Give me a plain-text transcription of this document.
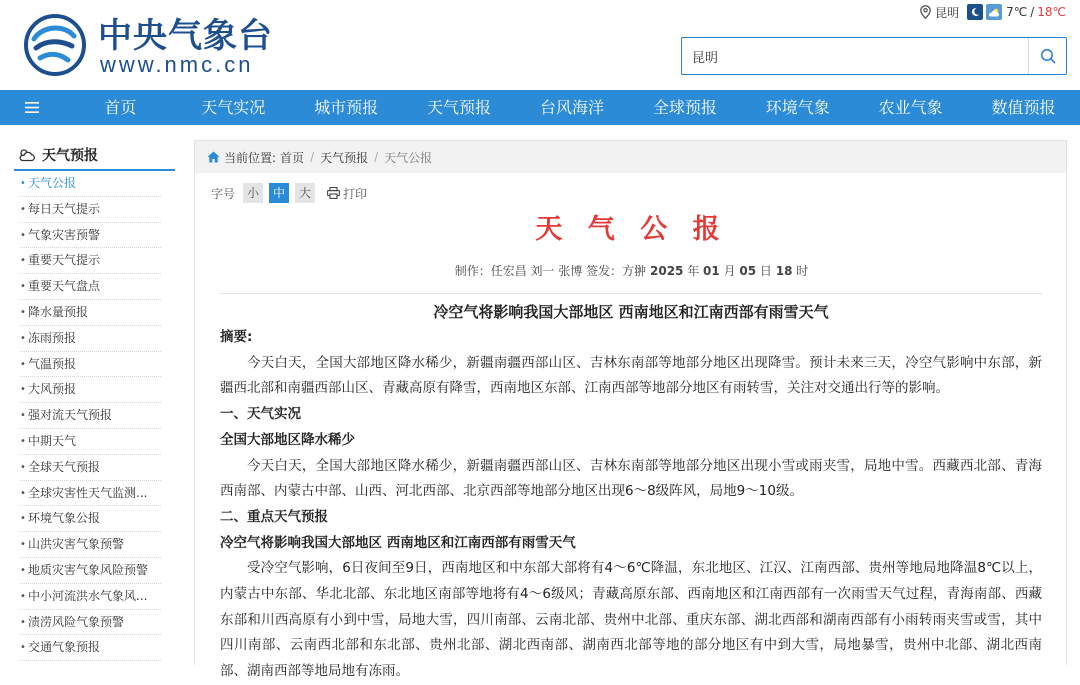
中央气象台
www.nmc.cn
昆明	7℃ / 18℃
昆明
首页	天气实况	城市预报	天气预报	台风海洋	全球预报	环境气象	农业气象	数值预报
天气预报
• 天气公报
• 每日天气提示
• 气象灾害预警
• 重要天气提示
• 重要天气盘点
• 降水量预报
• 冻雨预报
• 气温预报
• 大风预报
• 强对流天气预报
• 中期天气
• 全球天气预报
• 全球灾害性天气监测...
• 环境气象公报
• 山洪灾害气象预警
• 地质灾害气象风险预警
• 中小河流洪水气象风...
• 渍涝风险气象预警
• 交通气象预报
当前位置: 首页 / 天气预报 / 天气公报
字号 小	中	大	打印
天 气 公 报
制作：任宏昌 刘一 张博 签发：方翀 2025 年 01 月 05 日 18 时
冷空气将影响我国大部地区 西南地区和江南西部有雨雪天气
摘要:

今天白天，全国大部地区降水稀少，新疆南疆西部山区、吉林东南部等地部分地区出现降雪。预计未来三天，冷空气影响中东部，新疆西北部和南疆西部山区、青藏高原有降雪，西南地区东部、江南西部等地部分地区有雨转雪，关注对交通出行等的影响。

一、天气实况
全国大部地区降水稀少

今天白天，全国大部地区降水稀少，新疆南疆西部山区、吉林东南部等地部分地区出现小雪或雨夹雪，局地中雪。西藏西北部、青海西南部、内蒙古中部、山西、河北西部、北京西部等地部分地区出现6～8级阵风，局地9～10级。

二、重点天气预报
冷空气将影响我国大部地区 西南地区和江南西部有雨雪天气

受冷空气影响，6日夜间至9日，西南地区和中东部大部将有4～6℃降温，东北地区、江汉、江南西部、贵州等地局地降温8℃以上，内蒙古中东部、华北北部、东北地区南部等地将有4～6级风；青藏高原东部、西南地区和江南西部有一次雨雪天气过程，青海南部、西藏东部和川西高原有小到中雪，局地大雪，四川南部、云南北部、贵州中北部、重庆东部、湖北西部和湖南西部有小雨转雨夹雪或雪，其中四川南部、云南西北部和东北部、贵州北部、湖北西南部、湖南西北部等地的部分地区有中到大雪，局地暴雪，贵州中北部、湖北西南部、湖南西部等地局地有冻雨。
